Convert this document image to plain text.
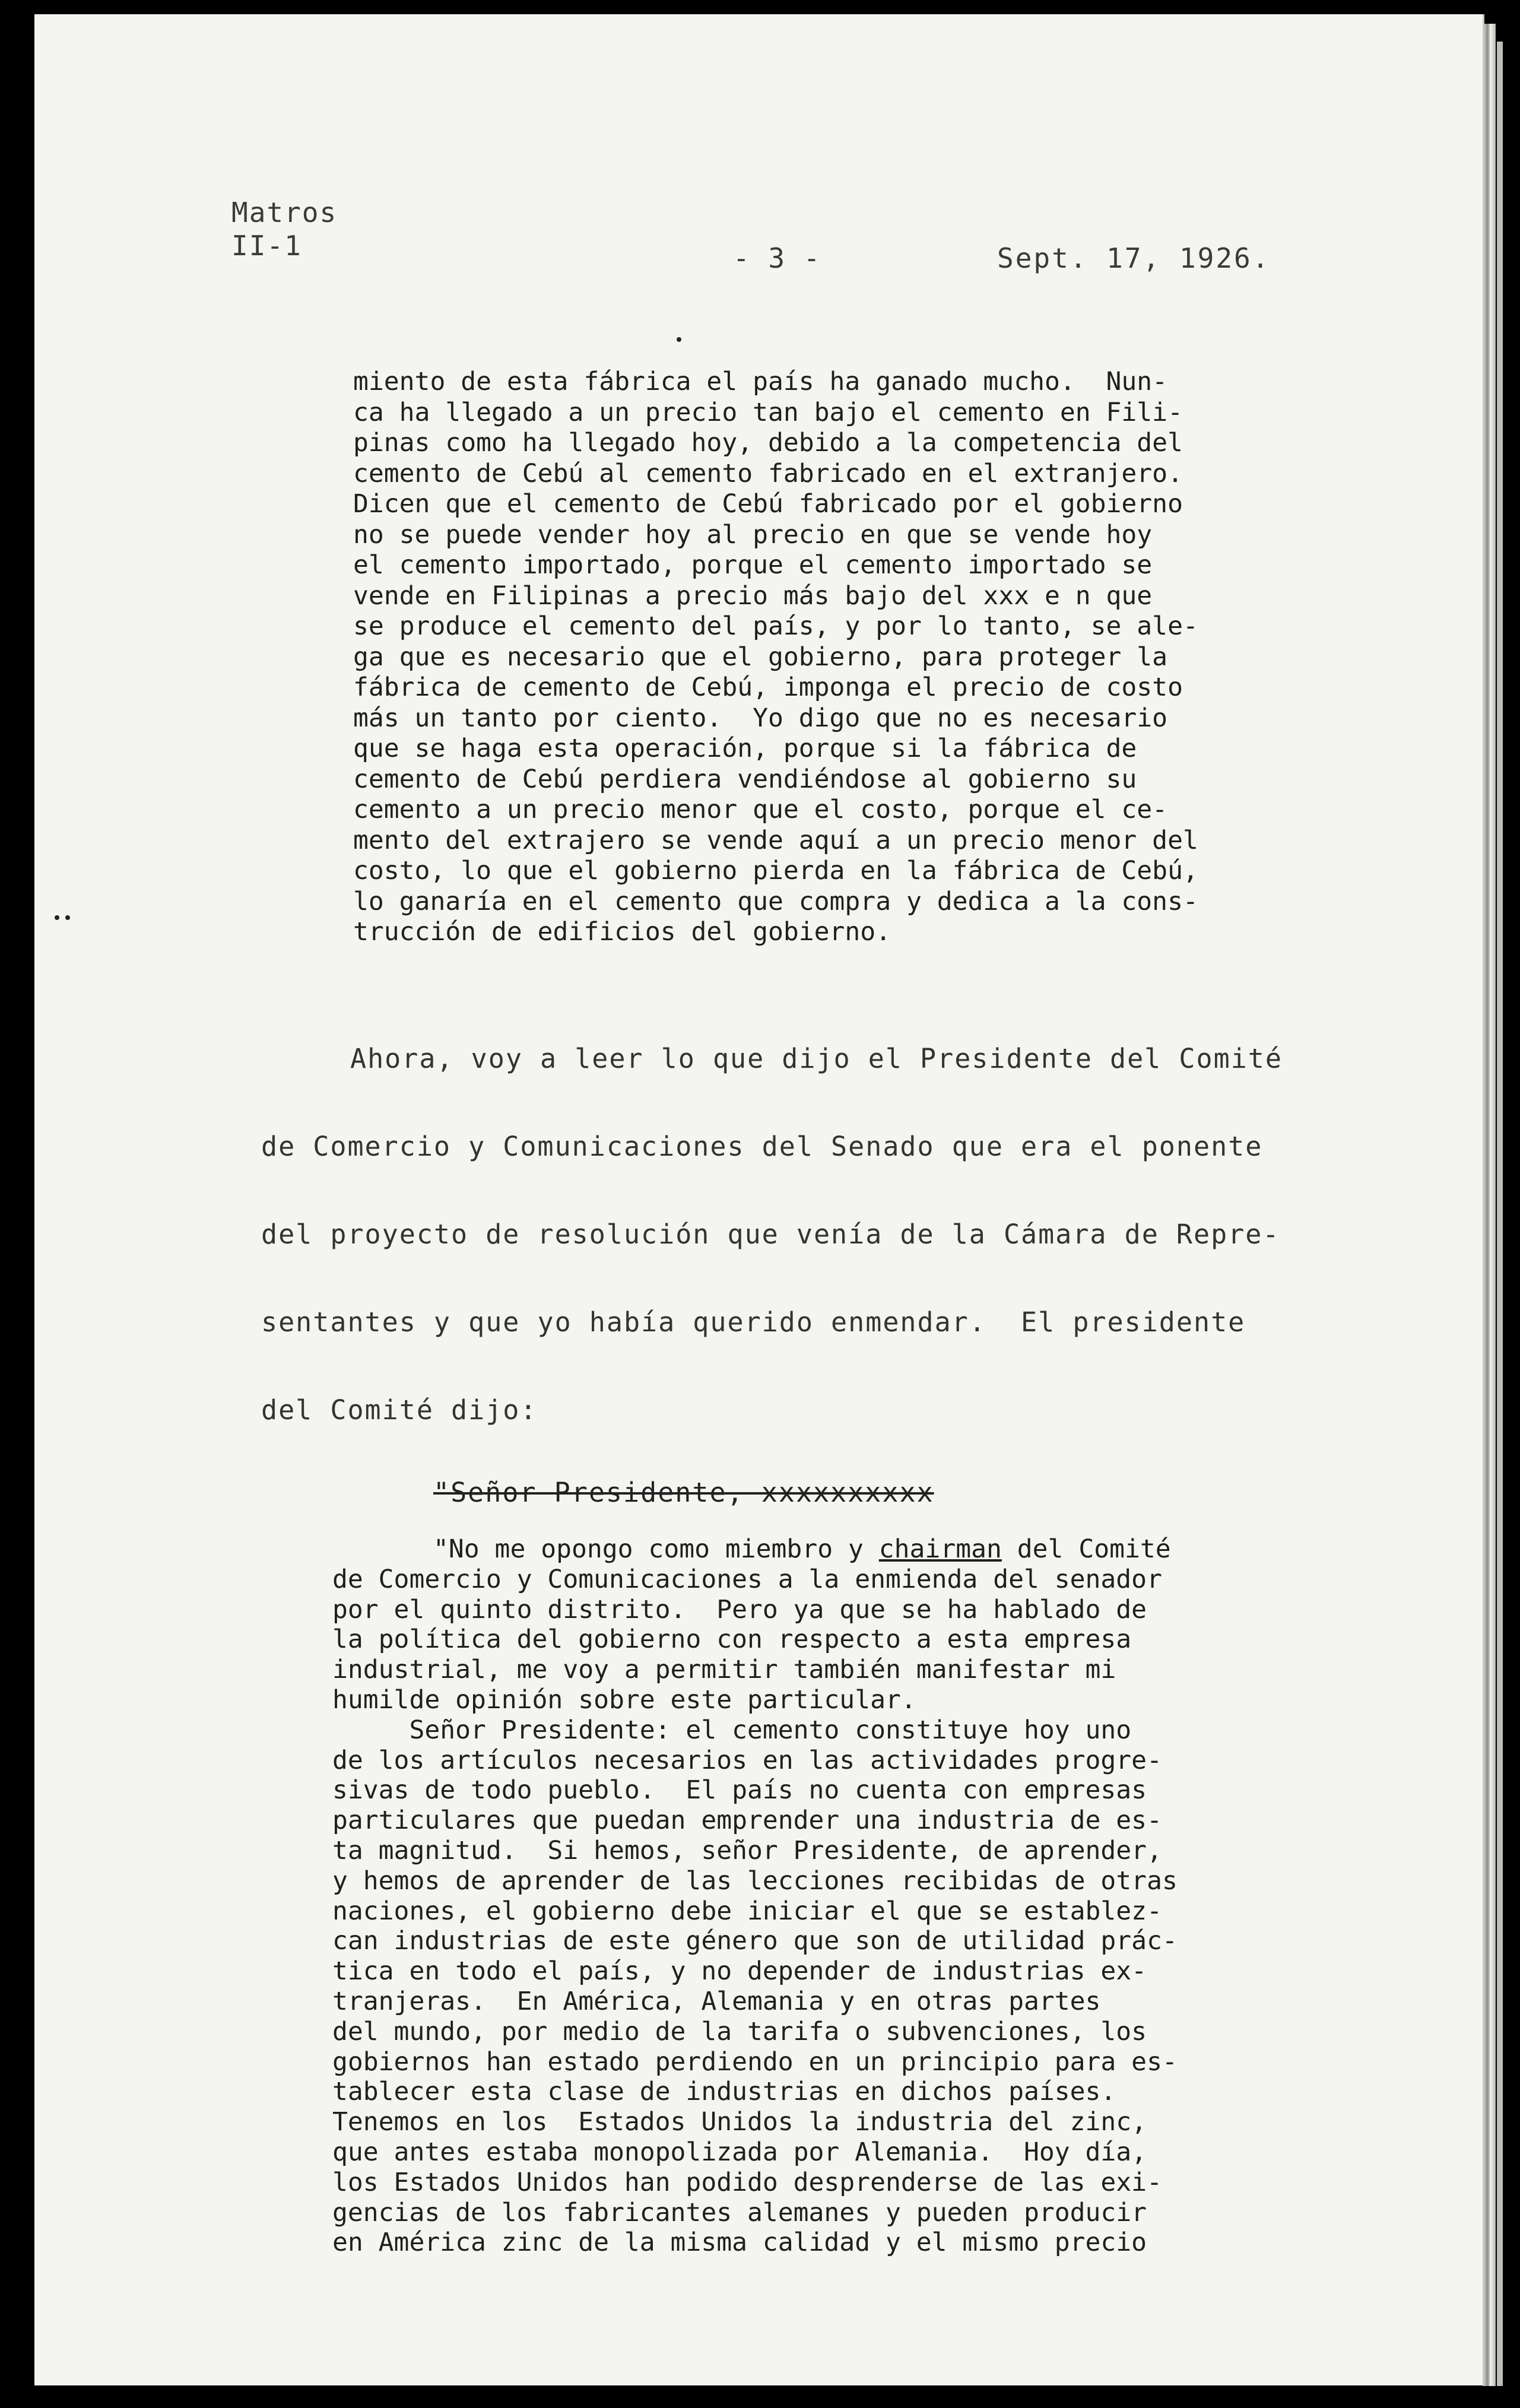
Matros
II-1	- 3 -	Sept. 17, 1926.
miento de esta fábrica el país ha ganado mucho.  Nun-
ca ha llegado a un precio tan bajo el cemento en Fili-
pinas como ha llegado hoy, debido a la competencia del
cemento de Cebú al cemento fabricado en el extranjero.
Dicen que el cemento de Cebú fabricado por el gobierno
no se puede vender hoy al precio en que se vende hoy
el cemento importado, porque el cemento importado se
vende en Filipinas a precio más bajo del xxx e n que
se produce el cemento del país, y por lo tanto, se ale-
ga que es necesario que el gobierno, para proteger la
fábrica de cemento de Cebú, imponga el precio de costo
más un tanto por ciento.  Yo digo que no es necesario
que se haga esta operación, porque si la fábrica de
cemento de Cebú perdiera vendiéndose al gobierno su
cemento a un precio menor que el costo, porque el ce-
mento del extrajero se vende aquí a un precio menor del
costo, lo que el gobierno pierda en la fábrica de Cebú,
lo ganaría en el cemento que compra y dedica a la cons-
trucción de edificios del gobierno.
Ahora, voy a leer lo que dijo el Presidente del Comité
de Comercio y Comunicaciones del Senado que era el ponente
del proyecto de resolución que venía de la Cámara de Repre-
sentantes y que yo había querido enmendar.  El presidente
del Comité dijo:
"Señor Presidente, xxxxxxxxxx
"No me opongo como miembro y chairman del Comité
de Comercio y Comunicaciones a la enmienda del senador
por el quinto distrito.  Pero ya que se ha hablado de
la política del gobierno con respecto a esta empresa
industrial, me voy a permitir también manifestar mi
humilde opinión sobre este particular.
Señor Presidente: el cemento constituye hoy uno
de los artículos necesarios en las actividades progre-
sivas de todo pueblo.  El país no cuenta con empresas
particulares que puedan emprender una industria de es-
ta magnitud.  Si hemos, señor Presidente, de aprender,
y hemos de aprender de las lecciones recibidas de otras
naciones, el gobierno debe iniciar el que se establez-
can industrias de este género que son de utilidad prác-
tica en todo el país, y no depender de industrias ex-
tranjeras.  En América, Alemania y en otras partes
del mundo, por medio de la tarifa o subvenciones, los
gobiernos han estado perdiendo en un principio para es-
tablecer esta clase de industrias en dichos países.
Tenemos en los  Estados Unidos la industria del zinc,
que antes estaba monopolizada por Alemania.  Hoy día,
los Estados Unidos han podido desprenderse de las exi-
gencias de los fabricantes alemanes y pueden producir
en América zinc de la misma calidad y el mismo precio
